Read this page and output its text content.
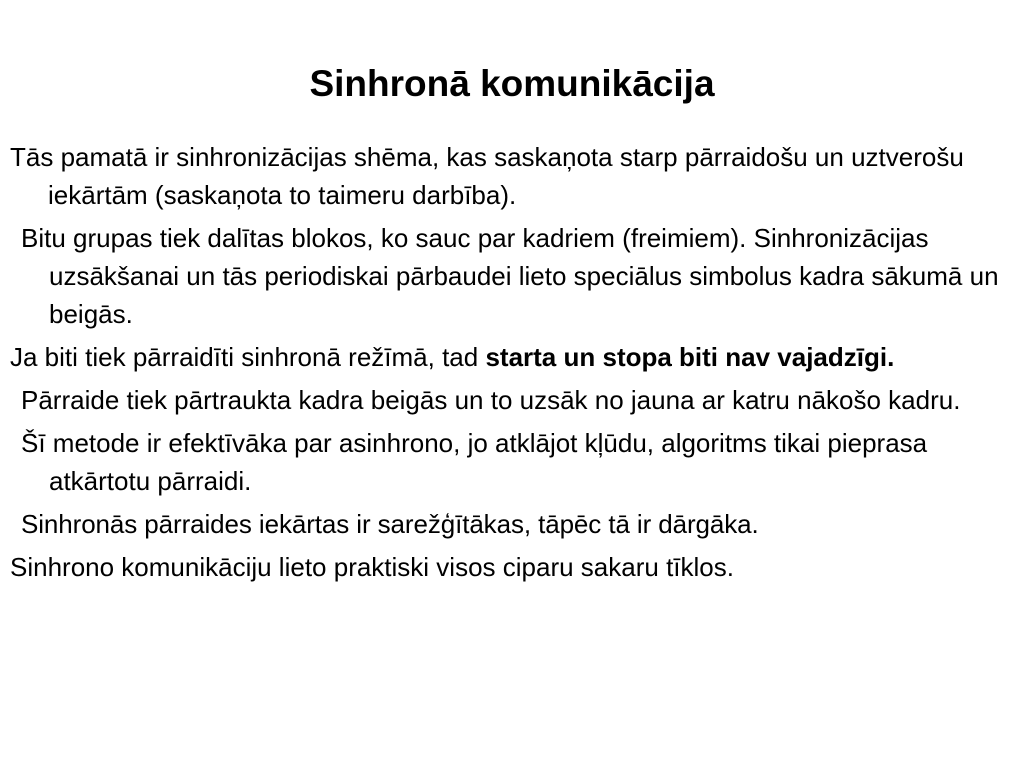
Sinhronā komunikācija

Tās pamatā ir sinhronizācijas shēma, kas saskaņota starp pārraidošu un uztverošu iekārtām (saskaņota to taimeru darbība).

Bitu grupas tiek dalītas blokos, ko sauc par kadriem (freimiem). Sinhronizācijas uzsākšanai un tās periodiskai pārbaudei lieto speciālus simbolus kadra sākumā un beigās.

Ja biti tiek pārraidīti sinhronā režīmā, tad starta un stopa biti nav vajadzīgi.

Pārraide tiek pārtraukta kadra beigās un to uzsāk no jauna ar katru nākošo kadru.

Šī metode ir efektīvāka par asinhrono, jo atklājot kļūdu, algoritms tikai pieprasa atkārtotu pārraidi.

Sinhronās pārraides iekārtas ir sarežģītākas, tāpēc tā ir dārgāka.

Sinhrono komunikāciju lieto praktiski visos ciparu sakaru tīklos.
